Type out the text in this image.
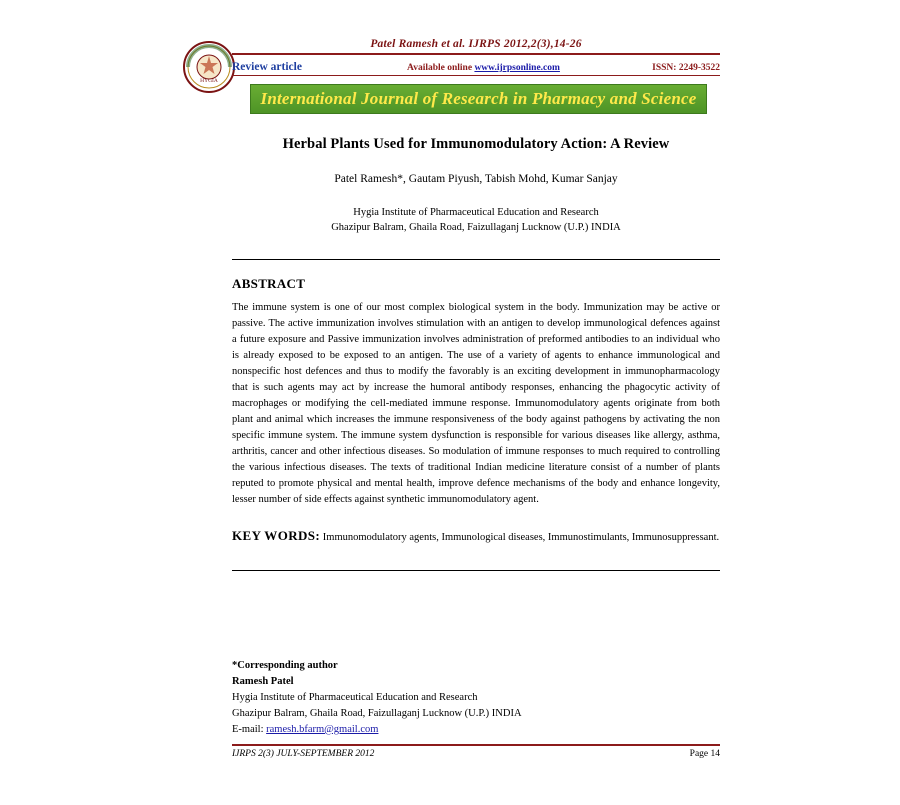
HYGIA
Patel Ramesh et al. IJRPS 2012,2(3),14-26
Review article	Available online www.ijrpsonline.com	ISSN: 2249-3522
International Journal of Research in Pharmacy and Science
Herbal Plants Used for Immunomodulatory Action: A Review
Patel Ramesh*, Gautam Piyush, Tabish Mohd, Kumar Sanjay
Hygia Institute of Pharmaceutical Education and Research
Ghazipur Balram, Ghaila Road, Faizullaganj Lucknow (U.P.) INDIA
ABSTRACT
The immune system is one of our most complex biological system in the body. Immunization may be active or passive. The active immunization involves stimulation with an antigen to develop immunological defences against a future exposure and Passive immunization involves administration of preformed antibodies to an individual who is already exposed to be exposed to an antigen. The use of a variety of agents to enhance immunological and nonspecific host defences and thus to modify the favorably is an exciting development in immunopharmacology that is such agents may act by increase the humoral antibody responses, enhancing the phagocytic activity of macrophages or modifying the cell-mediated immune response. Immunomodulatory agents originate from both plant and animal which increases the immune responsiveness of the body against pathogens by activating the non specific immune system. The immune system dysfunction is responsible for various diseases like allergy, asthma, arthritis, cancer and other infectious diseases. So modulation of immune responses to much required to controlling the various infectious diseases. The texts of traditional Indian medicine literature consist of a number of plants reputed to promote physical and mental health, improve defence mechanisms of the body and enhance longevity, lesser number of side effects against synthetic immunomodulatory agent.
KEY WORDS: Immunomodulatory agents, Immunological diseases, Immunostimulants, Immunosuppressant.
*Corresponding author
Ramesh Patel
Hygia Institute of Pharmaceutical Education and Research
Ghazipur Balram, Ghaila Road, Faizullaganj Lucknow (U.P.) INDIA
E-mail: ramesh.bfarm@gmail.com
IJRPS 2(3) JULY-SEPTEMBER 2012	Page 14
